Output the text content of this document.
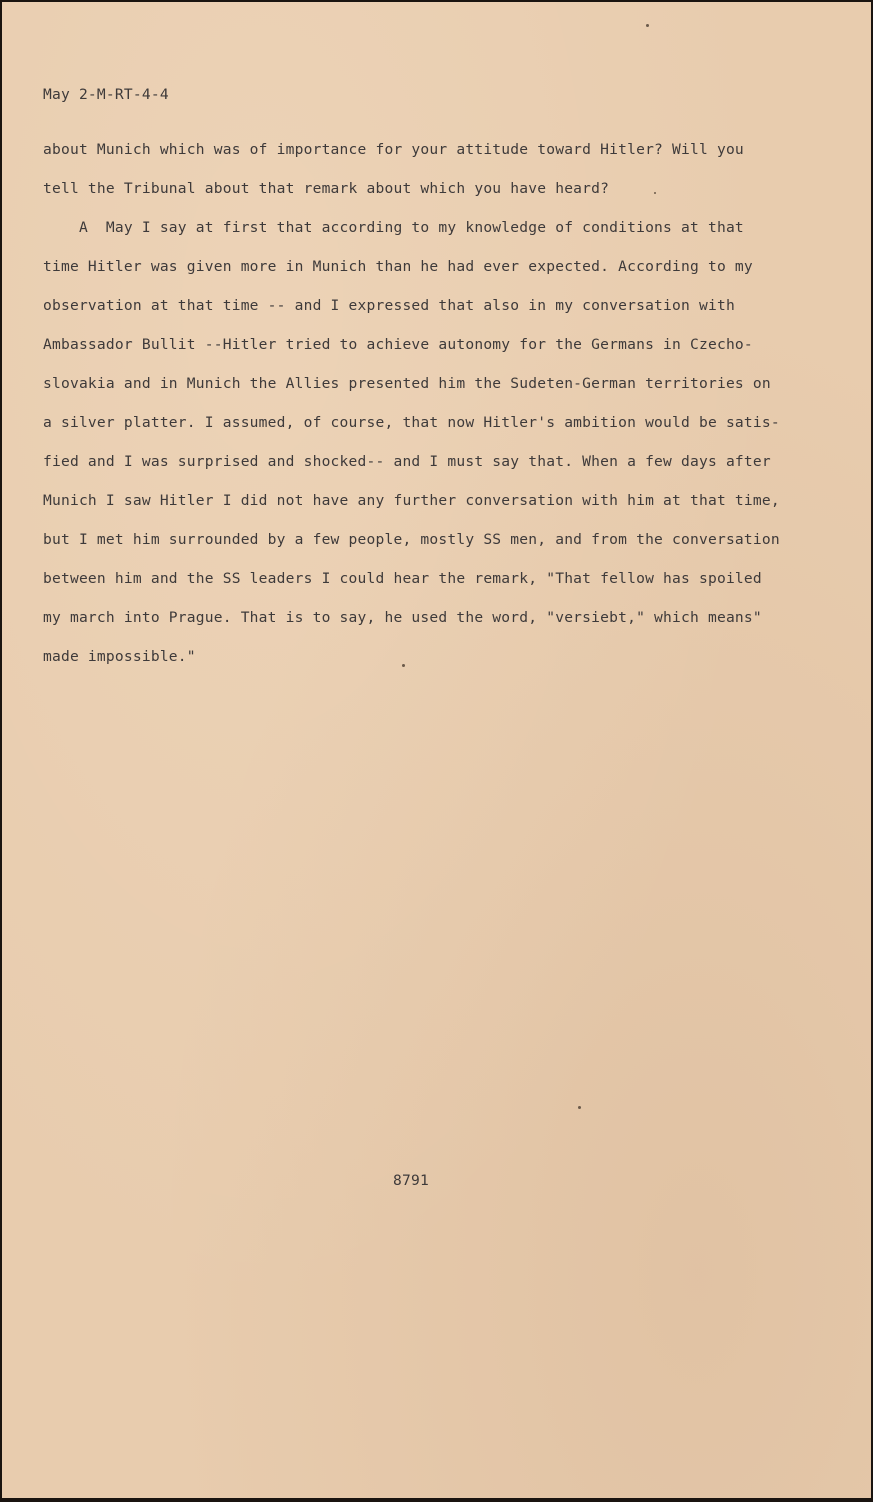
May 2-M-RT-4-4
about Munich which was of importance for your attitude toward Hitler? Will you
tell the Tribunal about that remark about which you have heard?
A  May I say at first that according to my knowledge of conditions at that
time Hitler was given more in Munich than he had ever expected. According to my
observation at that time -- and I expressed that also in my conversation with
Ambassador Bullit --Hitler tried to achieve autonomy for the Germans in Czecho-
slovakia and in Munich the Allies presented him the Sudeten-German territories on
a silver platter. I assumed, of course, that now Hitler's ambition would be satis-
fied and I was surprised and shocked-- and I must say that. When a few days after
Munich I saw Hitler I did not have any further conversation with him at that time,
but I met him surrounded by a few people, mostly SS men, and from the conversation
between him and the SS leaders I could hear the remark, "That fellow has spoiled
my march into Prague. That is to say, he used the word, "versiebt," which means"
made impossible."
8791
